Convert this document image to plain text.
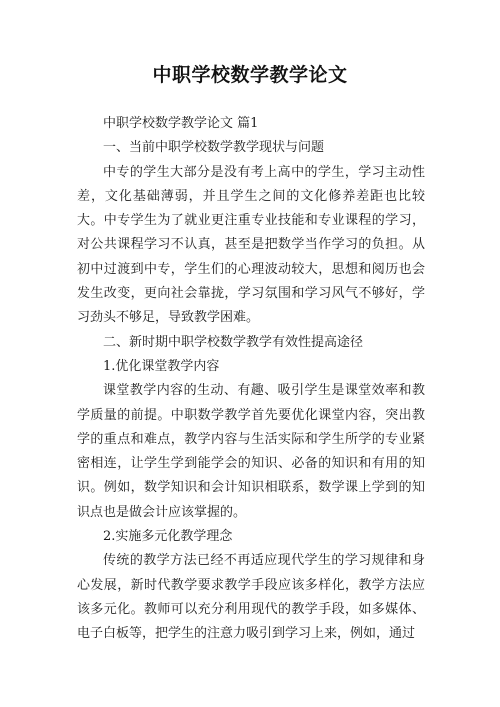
中职学校数学教学论文

中职学校数学教学论文 篇1

一、当前中职学校数学教学现状与问题

中专的学生大部分是没有考上高中的学生，学习主动性差，文化基础薄弱，并且学生之间的文化修养差距也比较大。中专学生为了就业更注重专业技能和专业课程的学习，对公共课程学习不认真，甚至是把数学当作学习的负担。从初中过渡到中专，学生们的心理波动较大，思想和阅历也会发生改变，更向社会靠拢，学习氛围和学习风气不够好，学习劲头不够足，导致教学困难。

二、新时期中职学校数学教学有效性提高途径

1.优化课堂教学内容

课堂教学内容的生动、有趣、吸引学生是课堂效率和教学质量的前提。中职数学教学首先要优化课堂内容，突出教学的重点和难点，教学内容与生活实际和学生所学的专业紧密相连，让学生学到能学会的知识、必备的知识和有用的知识。例如，数学知识和会计知识相联系，数学课上学到的知识点也是做会计应该掌握的。

2.实施多元化教学理念

传统的教学方法已经不再适应现代学生的学习规律和身心发展，新时代教学要求教学手段应该多样化，教学方法应该多元化。教师可以充分利用现代的教学手段，如多媒体、电子白板等，把学生的注意力吸引到学习上来，例如，通过
